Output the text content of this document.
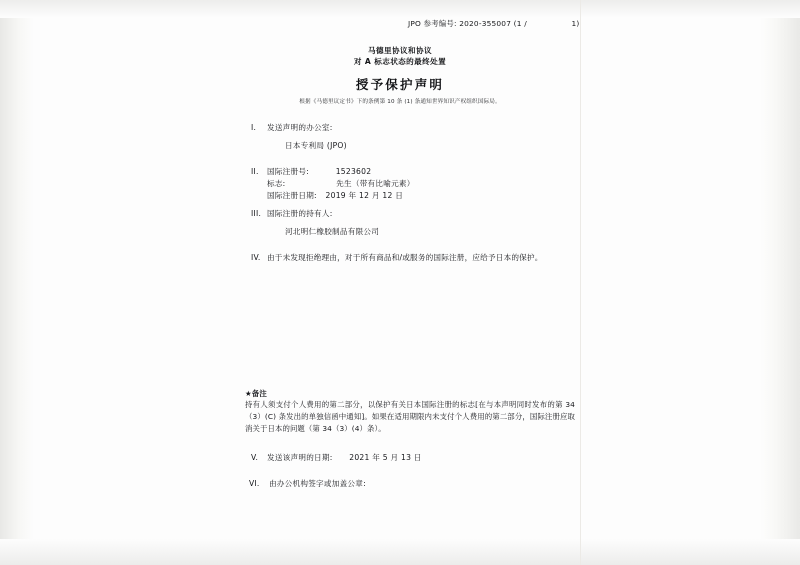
JPO 参考编号: 2020-355007 (1 /	1)
马德里协议和协议
对 A 标志状态的最终处置
授予保护声明
根据《马德里议定书》下的条例第 10 条 (1) 条通知世界知识产权组织国际局。
I. 发送声明的办公室:
日本专利局 (JPO)
II. 国际注册号:	1523602
标志:	先生（带有比喻元素）
国际注册日期: 2019 年 12 月 12 日
III. 国际注册的持有人:
河北明仁橡胶制品有限公司
IV. 由于未发现拒绝理由，对于所有商品和/或服务的国际注册，应给予日本的保护。
★备注
持有人须支付个人费用的第二部分，以保护有关日本国际注册的标志[在与本声明同时发布的第 34（3）(C) 条发出的单独信函中通知]。如果在适用期限内未支付个人费用的第二部分，国际注册应取消关于日本的问题（第 34（3）(4）条）。
V. 发送该声明的日期: 2021 年 5 月 13 日
VI. 由办公机构签字或加盖公章:
